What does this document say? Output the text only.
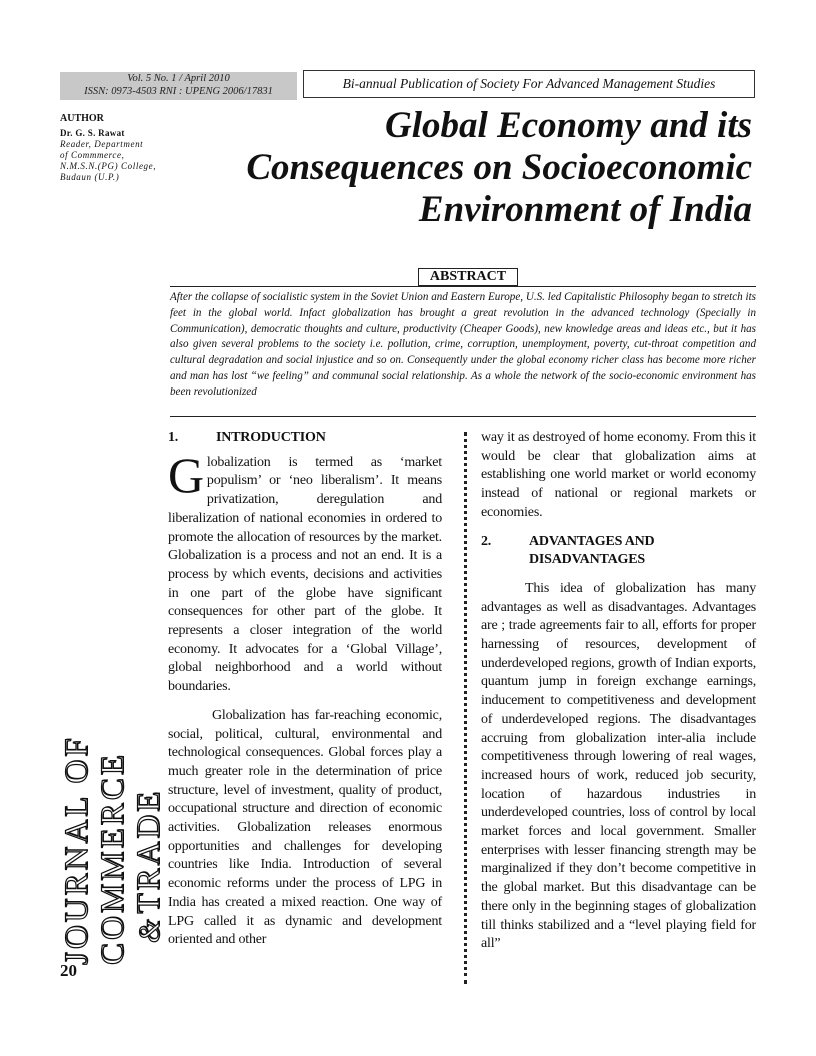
Vol. 5 No. 1 / April 2010
ISSN: 0973-4503 RNI : UPENG 2006/17831
Bi-annual Publication of Society For Advanced Management Studies
AUTHOR
Dr. G. S. Rawat
Reader, Department
of Commmerce,
N.M.S.N.(PG) College,
Budaun (U.P.)
Global Economy and its
Consequences on Socioeconomic
Environment of India
ABSTRACT

After the collapse of socialistic system in the Soviet Union and Eastern Europe, U.S. led Capitalistic Philosophy began to stretch its feet in the global world. Infact globalization has brought a great revolution in the advanced technology (Specially in Communication), democratic thoughts and culture, productivity (Cheaper Goods), new knowledge areas and ideas etc., but it has also given several problems to the society i.e. pollution, crime, corruption, unemployment, poverty, cut-throat competition and cultural degradation and social injustice and so on. Consequently under the global economy richer class has become more richer and man has lost “we feeling” and communal social relationship. As a whole the network of the socio-economic environment has been revolutionized

1.	INTRODUCTION

Globalization is termed as ‘market populism’ or ‘neo liberalism’. It means privatization, deregulation and liberalization of national economies in ordered to promote the allocation of resources by the market. Globalization is a process and not an end. It is a process by which events, decisions and activities in one part of the globe have significant consequences for other part of the globe. It represents a closer integration of the world economy. It advocates for a ‘Global Village’, global neighborhood and a world without boundaries.

Globalization has far-reaching economic, social, political, cultural, environmental and technological consequences. Global forces play a much greater role in the determination of price structure, level of investment, quality of product, occupational structure and direction of economic activities. Globalization releases enormous opportunities and challenges for developing countries like India. Introduction of several economic reforms under the process of LPG in India has created a mixed reaction. One way of LPG called it as dynamic and development oriented and other

way it as destroyed of home economy. From this it would be clear that globalization aims at establishing one world market or world economy instead of national or regional markets or economies.

2.	ADVANTAGES AND
DISADVANTAGES

This idea of globalization has many advantages as well as disadvantages. Advantages are ; trade agreements fair to all, efforts for proper harnessing of resources, development of underdeveloped regions, growth of Indian exports, quantum jump in foreign exchange earnings, inducement to competitiveness and development of underdeveloped regions. The disadvantages accruing from globalization inter-alia include competitiveness through lowering of real wages, increased hours of work, reduced job security, location of hazardous industries in underdeveloped countries, loss of control by local market forces and local government. Smaller enterprises with lesser financing strength may be marginalized if they don’t become competitive in the global market. But this disadvantage can be there only in the beginning stages of globalization till thinks stabilized and a “level playing field for all”

JOURNAL OF COMMERCE &TRADE
20
